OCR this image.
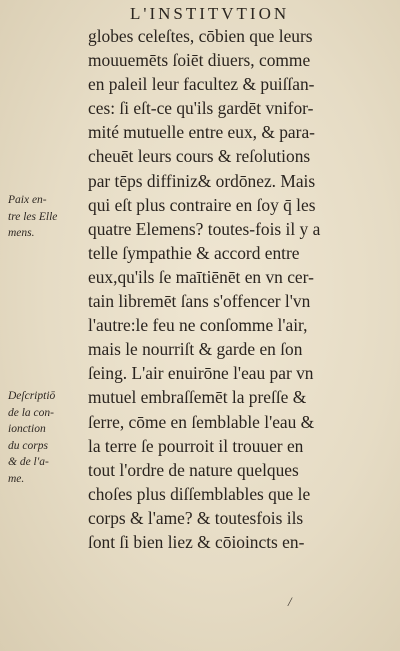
L'INSTITVTION
globes celeſtes, cōbien que leurs
mouuemēts ſoiēt diuers, comme
en paleil leur facultez & puiſſan-
ces: ſi eſt-ce qu'ils gardēt vnifor-
mité mutuelle entre eux, & para-
cheuēt leurs cours & reſolutions
par tēps diffiniz& ordōnez. Mais
qui eſt plus contraire en ſoy q̄ les
quatre Elemens? toutes-fois il y a
telle ſympathie & accord entre
eux,qu'ils ſe maītiēnēt en vn cer-
tain libremēt ſans s'offencer l'vn
l'autre:le feu ne conſomme l'air,
mais le nourriſt & garde en ſon
ſeing. L'air enuirōne l'eau par vn
mutuel embraſſemēt la preſſe &
ſerre, cōme en ſemblable l'eau &
la terre ſe pourroit il trouuer en
tout l'ordre de nature quelques
choſes plus diſſemblables que le
corps & l'ame? & toutesfois ils
ſont ſi bien liez & cōioincts en-
Paix en-
tre les Elle
mens.
Deſcriptiō
de la con-
ionction
du corps
& de l'a-
me.
/
